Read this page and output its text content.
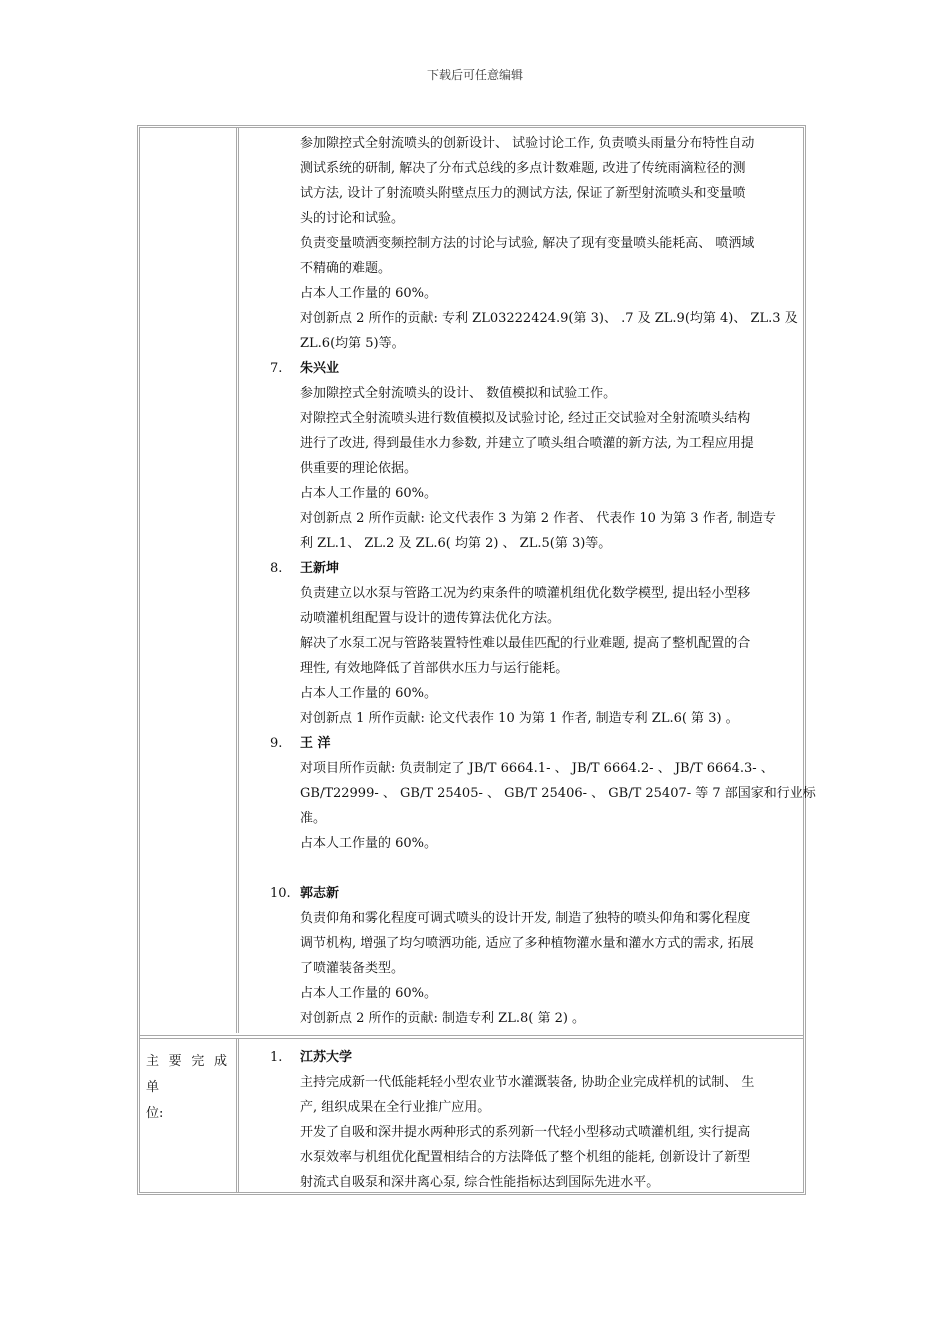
下载后可任意编辑
参加隙控式全射流喷头的创新设计、 试验讨论工作, 负责喷头雨量分布特性自动
测试系统的研制, 解决了分布式总线的多点计数难题, 改进了传统雨滴粒径的测
试方法, 设计了射流喷头附壁点压力的测试方法, 保证了新型射流喷头和变量喷
头的讨论和试验。
负责变量喷洒变频控制方法的讨论与试验, 解决了现有变量喷头能耗高、 喷洒域
不精确的难题。
占本人工作量的 60%。
对创新点 2 所作的贡献: 专利 ZL03222424.9(第 3)、 .7 及 ZL.9(均第 4)、 ZL.3 及
ZL.6(均第 5)等。
7.	朱兴业
参加隙控式全射流喷头的设计、 数值模拟和试验工作。
对隙控式全射流喷头进行数值模拟及试验讨论, 经过正交试验对全射流喷头结构
进行了改进, 得到最佳水力参数, 并建立了喷头组合喷灌的新方法, 为工程应用提
供重要的理论依据。
占本人工作量的 60%。
对创新点 2 所作贡献: 论文代表作 3 为第 2 作者、 代表作 10 为第 3 作者, 制造专
利 ZL.1、 ZL.2 及 ZL.6( 均第 2) 、 ZL.5(第 3)等。
8.	王新坤
负责建立以水泵与管路工况为约束条件的喷灌机组优化数学模型, 提出轻小型移
动喷灌机组配置与设计的遗传算法优化方法。
解决了水泵工况与管路装置特性难以最佳匹配的行业难题, 提高了整机配置的合
理性, 有效地降低了首部供水压力与运行能耗。
占本人工作量的 60%。
对创新点 1 所作贡献: 论文代表作 10 为第 1 作者, 制造专利 ZL.6( 第 3) 。
9.	王 洋
对项目所作贡献: 负责制定了 JB/T 6664.1- 、 JB/T 6664.2- 、 JB/T 6664.3- 、
GB/T22999- 、 GB/T 25405- 、 GB/T 25406- 、 GB/T 25407- 等 7 部国家和行业标
准。
占本人工作量的 60%。
10. 郭志新
负责仰角和雾化程度可调式喷头的设计开发, 制造了独特的喷头仰角和雾化程度
调节机构, 增强了均匀喷洒功能, 适应了多种植物灌水量和灌水方式的需求, 拓展
了喷灌装备类型。
占本人工作量的 60%。
对创新点 2 所作的贡献: 制造专利 ZL.8( 第 2) 。
主要完成单
位:
1.	江苏大学
主持完成新一代低能耗轻小型农业节水灌溉装备, 协助企业完成样机的试制、 生
产, 组织成果在全行业推广应用。
开发了自吸和深井提水两种形式的系列新一代轻小型移动式喷灌机组, 实行提高
水泵效率与机组优化配置相结合的方法降低了整个机组的能耗, 创新设计了新型
射流式自吸泵和深井离心泵, 综合性能指标达到国际先进水平。
